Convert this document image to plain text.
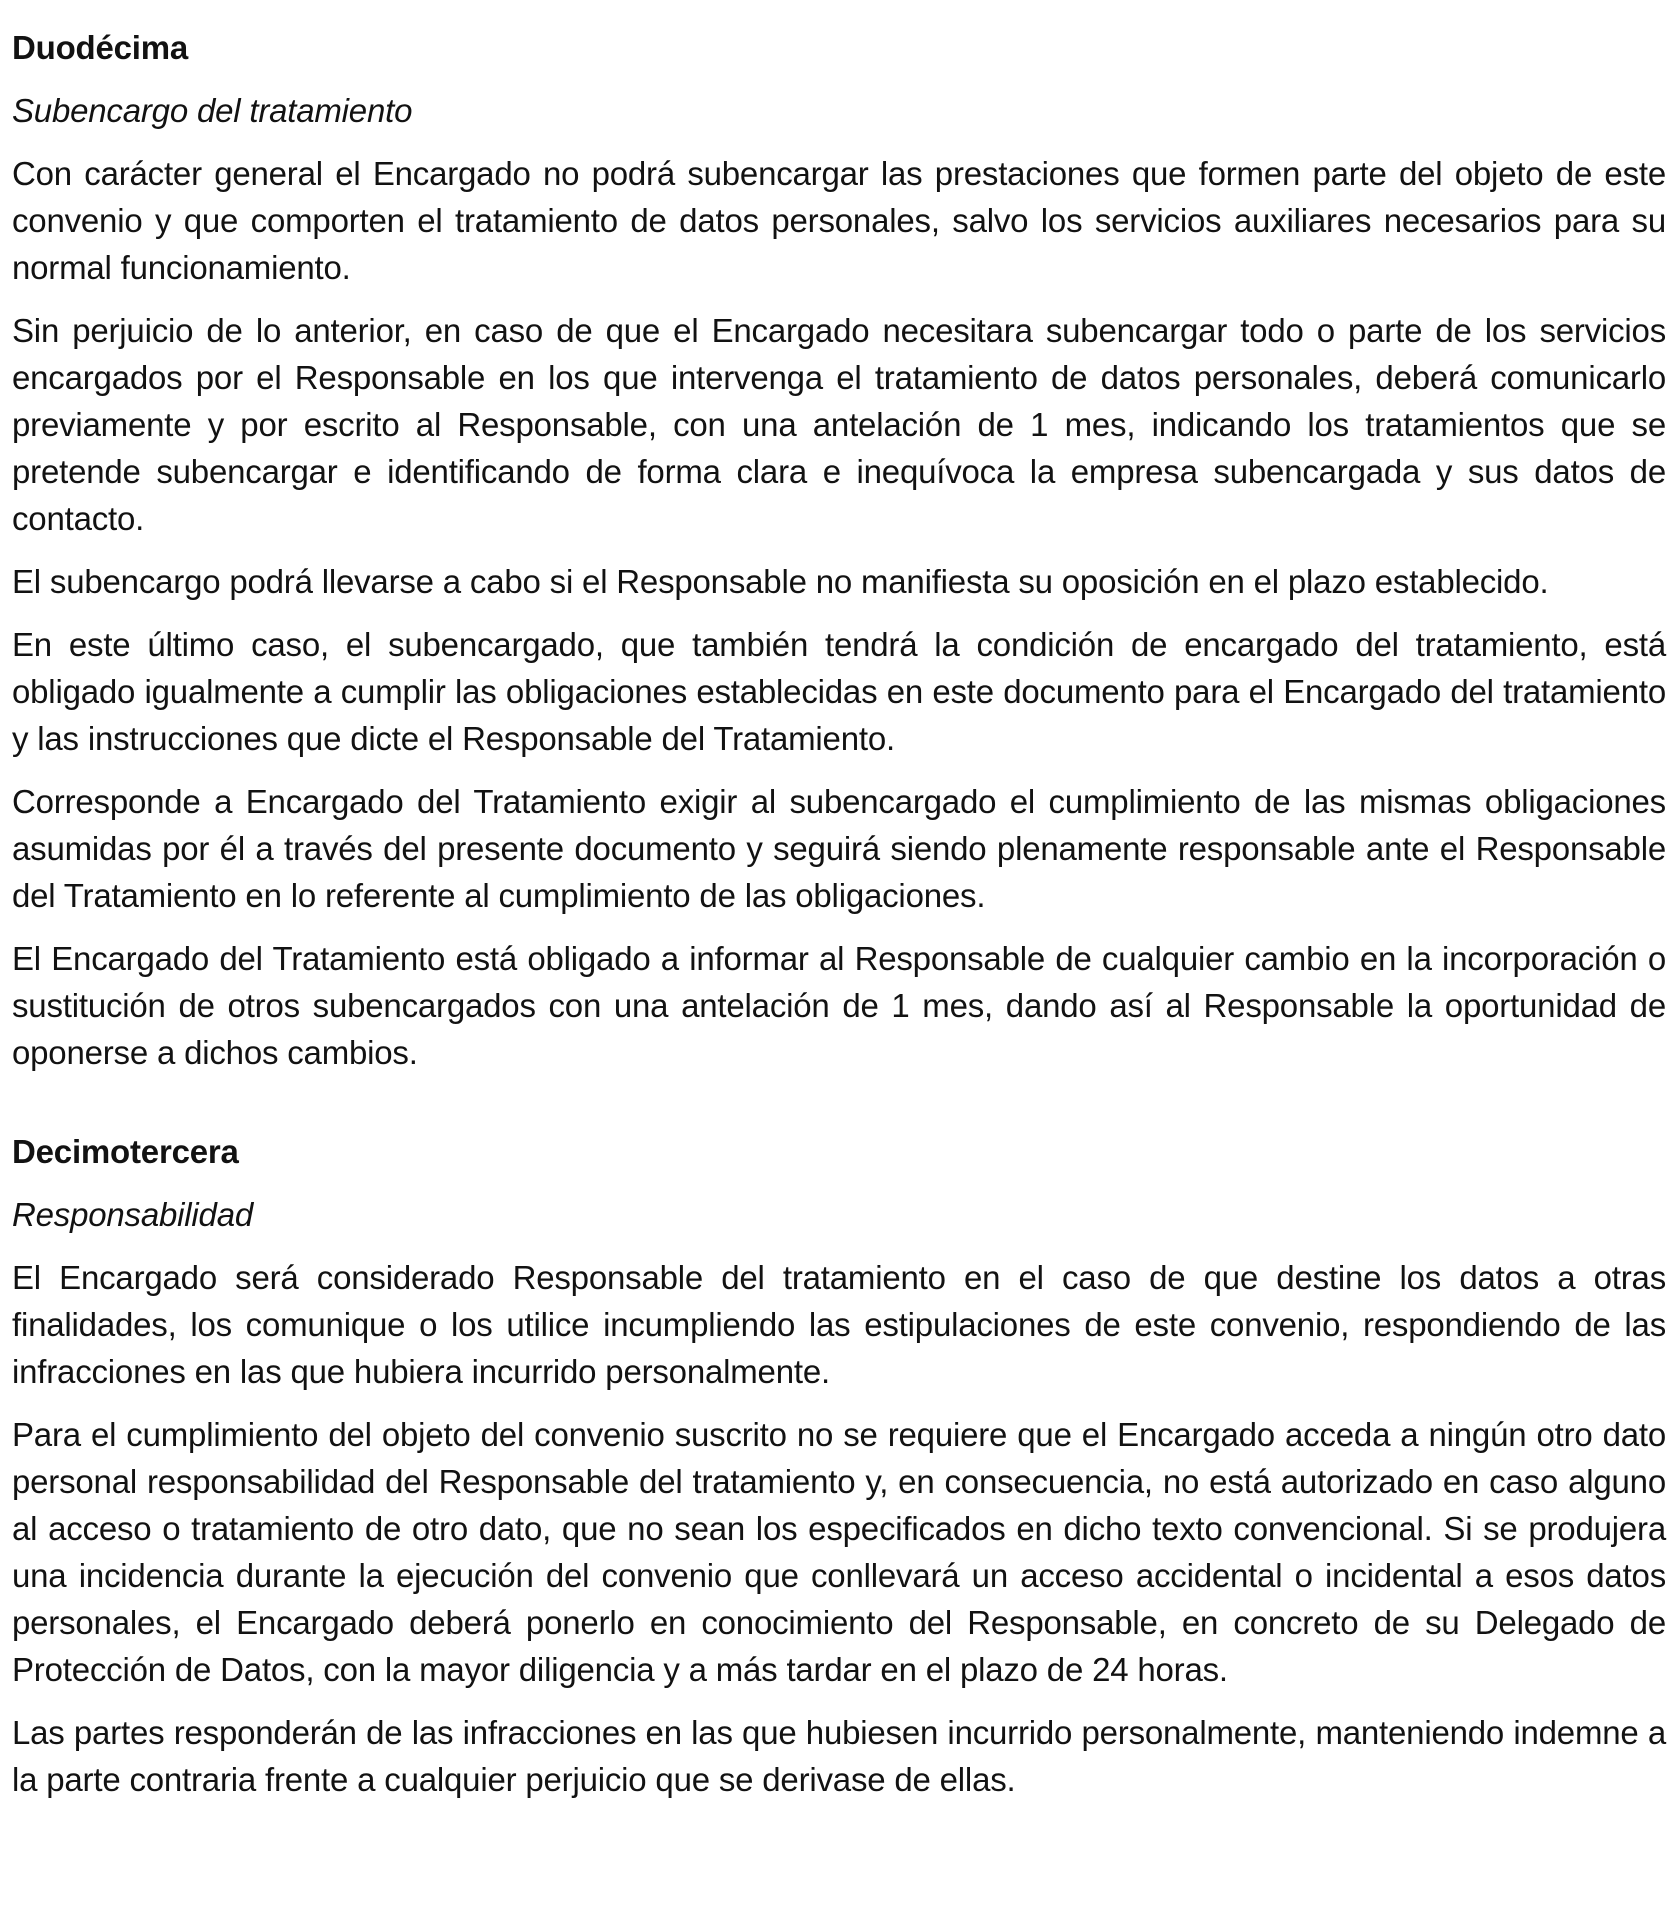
Duodécima

Subencargo del tratamiento

Con carácter general el Encargado no podrá subencargar las prestaciones que formen parte del objeto de este convenio y que comporten el tratamiento de datos personales, salvo los servicios auxiliares necesarios para su normal funcionamiento.

Sin perjuicio de lo anterior, en caso de que el Encargado necesitara subencargar todo o parte de los servicios encargados por el Responsable en los que intervenga el tratamiento de datos personales, deberá comunicarlo previamente y por escrito al Responsable, con una antelación de 1 mes, indicando los tratamientos que se pretende subencargar e identificando de forma clara e inequívoca la empresa subencargada y sus datos de contacto.

El subencargo podrá llevarse a cabo si el Responsable no manifiesta su oposición en el plazo establecido.

En este último caso, el subencargado, que también tendrá la condición de encargado del tratamiento, está obligado igualmente a cumplir las obligaciones establecidas en este documento para el Encargado del tratamiento y las instrucciones que dicte el Responsable del Tratamiento.

Corresponde a Encargado del Tratamiento exigir al subencargado el cumplimiento de las mismas obligaciones asumidas por él a través del presente documento y seguirá siendo plenamente responsable ante el Responsable del Tratamiento en lo referente al cumplimiento de las obligaciones.

El Encargado del Tratamiento está obligado a informar al Responsable de cualquier cambio en la incorporación o sustitución de otros subencargados con una antelación de 1 mes, dando así al Responsable la oportunidad de oponerse a dichos cambios.

Decimotercera

Responsabilidad

El Encargado será considerado Responsable del tratamiento en el caso de que destine los datos a otras finalidades, los comunique o los utilice incumpliendo las estipulaciones de este convenio, respondiendo de las infracciones en las que hubiera incurrido personalmente.

Para el cumplimiento del objeto del convenio suscrito no se requiere que el Encargado acceda a ningún otro dato personal responsabilidad del Responsable del tratamiento y, en consecuencia, no está autorizado en caso alguno al acceso o tratamiento de otro dato, que no sean los especificados en dicho texto convencional. Si se produjera una incidencia durante la ejecución del convenio que conllevará un acceso accidental o incidental a esos datos personales, el Encargado deberá ponerlo en conocimiento del Responsable, en concreto de su Delegado de Protección de Datos, con la mayor diligencia y a más tardar en el plazo de 24 horas.

Las partes responderán de las infracciones en las que hubiesen incurrido personalmente, manteniendo indemne a la parte contraria frente a cualquier perjuicio que se derivase de ellas.
